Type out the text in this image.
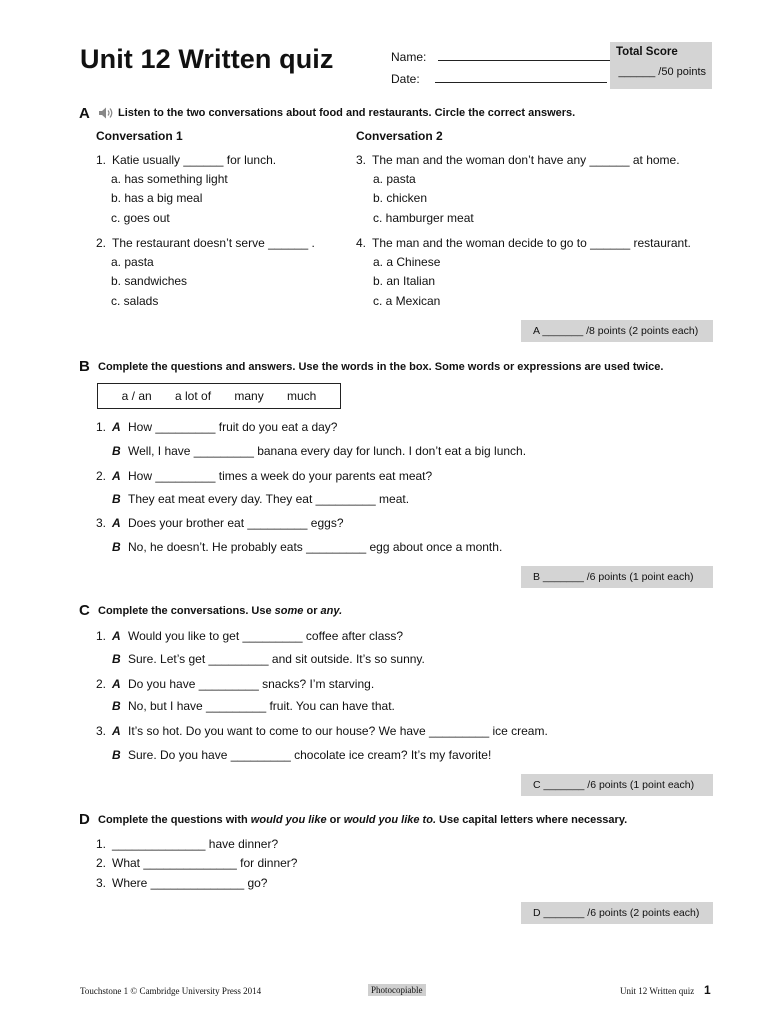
Unit 12 Written quiz	Name:
Date:
Total Score
______ /50 points
A	Listen to the two conversations about food and restaurants. Circle the correct answers.
Conversation 1	Conversation 2
1. Katie usually ______ for lunch.
a. has something light
b. has a big meal
c. goes out
2. The restaurant doesn’t serve ______ .
a. pasta
b. sandwiches
c. salads
3. The man and the woman don’t have any ______ at home.
a. pasta
b. chicken
c. hamburger meat
4. The man and the woman decide to go to ______ restaurant.
a. a Chinese
b. an Italian
c. a Mexican
A _______ /8 points (2 points each)
B Complete the questions and answers. Use the words in the box. Some words or expressions are used twice.
a / an a lot of many much
1. A How _________ fruit do you eat a day?
B Well, I have _________ banana every day for lunch. I don’t eat a big lunch.
2. A How _________ times a week do your parents eat meat?
B They eat meat every day. They eat _________ meat.
3. A Does your brother eat _________ eggs?
B No, he doesn’t. He probably eats _________ egg about once a month.
B _______ /6 points (1 point each)
C Complete the conversations. Use some or any.
1. A Would you like to get _________ coffee after class?
B Sure. Let’s get _________ and sit outside. It’s so sunny.
2. A Do you have _________ snacks? I’m starving.
B No, but I have _________ fruit. You can have that.
3. A It’s so hot. Do you want to come to our house? We have _________ ice cream.
B Sure. Do you have _________ chocolate ice cream? It’s my favorite!
C _______ /6 points (1 point each)
D Complete the questions with would you like or would you like to. Use capital letters where necessary.
1. ______________ have dinner?
2. What ______________ for dinner?
3. Where ______________ go?
D _______ /6 points (2 points each)
Touchstone 1 © Cambridge University Press 2014	Photocopiable	Unit 12 Written quiz 1
